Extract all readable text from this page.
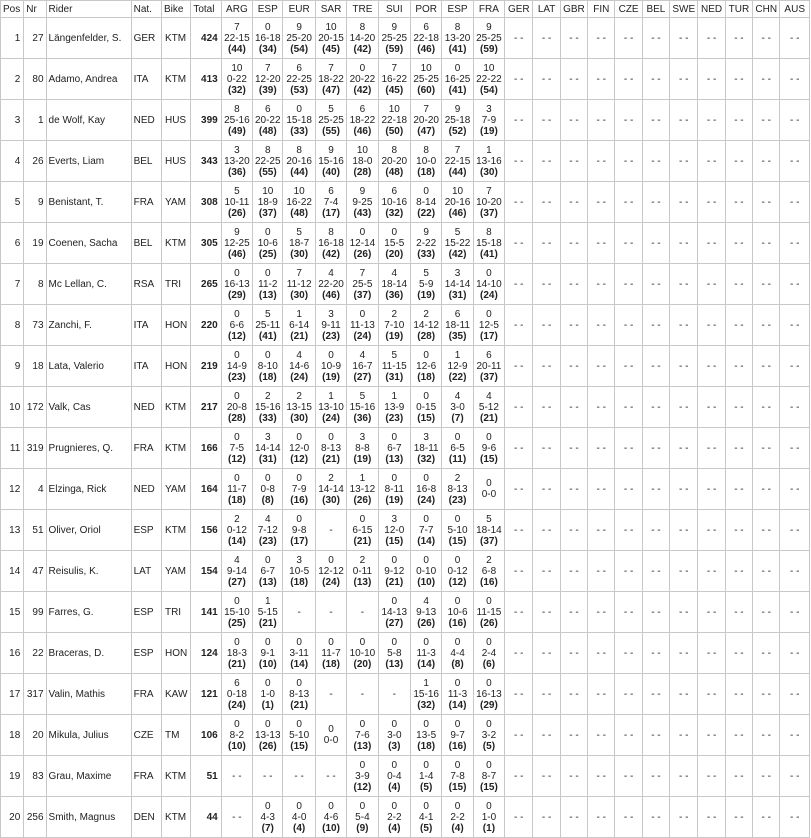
Pos	Nr	Rider	Nat.	Bike	Total	ARG	ESP	EUR	SAR	TRE	SUI	POR	ESP	FRA	GER	LAT	GBR	FIN	CZE	BEL	SWE	NED	TUR	CHN	AUS
1	27	Längenfelder, S.	GER	KTM	424	7
22-15
(44)	0
16-18
(34)	9
25-20
(54)	10
20-15
(45)	8
14-20
(42)	9
25-25
(59)	6
22-18
(46)	8
13-20
(41)	9
25-25
(59)	- -	- -	- -	- -	- -	- -	- -	- -	- -	- -	- -
2	80	Adamo, Andrea	ITA	KTM	413	10
0-22
(32)	7
12-20
(39)	6
22-25
(53)	7
18-22
(47)	0
20-22
(42)	7
16-22
(45)	10
25-25
(60)	0
16-25
(41)	10
22-22
(54)	- -	- -	- -	- -	- -	- -	- -	- -	- -	- -	- -
3	1	de Wolf, Kay	NED	HUS	399	8
25-16
(49)	6
20-22
(48)	0
15-18
(33)	5
25-25
(55)	6
18-22
(46)	10
22-18
(50)	7
20-20
(47)	9
25-18
(52)	3
7-9
(19)	- -	- -	- -	- -	- -	- -	- -	- -	- -	- -	- -
4	26	Everts, Liam	BEL	HUS	343	3
13-20
(36)	8
22-25
(55)	8
20-16
(44)	9
15-16
(40)	10
18-0
(28)	8
20-20
(48)	8
10-0
(18)	7
22-15
(44)	1
13-16
(30)	- -	- -	- -	- -	- -	- -	- -	- -	- -	- -	- -
5	9	Benistant, T.	FRA	YAM	308	5
10-11
(26)	10
18-9
(37)	10
16-22
(48)	6
7-4
(17)	9
9-25
(43)	6
10-16
(32)	0
8-14
(22)	10
20-16
(46)	7
10-20
(37)	- -	- -	- -	- -	- -	- -	- -	- -	- -	- -	- -
6	19	Coenen, Sacha	BEL	KTM	305	9
12-25
(46)	0
10-6
(25)	5
18-7
(30)	8
16-18
(42)	0
12-14
(26)	0
15-5
(20)	9
2-22
(33)	5
15-22
(42)	8
15-18
(41)	- -	- -	- -	- -	- -	- -	- -	- -	- -	- -	- -
7	8	Mc Lellan, C.	RSA	TRI	265	0
16-13
(29)	0
11-2
(13)	7
11-12
(30)	4
22-20
(46)	7
25-5
(37)	4
18-14
(36)	5
5-9
(19)	3
14-14
(31)	0
14-10
(24)	- -	- -	- -	- -	- -	- -	- -	- -	- -	- -	- -
8	73	Zanchi, F.	ITA	HON	220	0
6-6
(12)	5
25-11
(41)	1
6-14
(21)	3
9-11
(23)	0
11-13
(24)	2
7-10
(19)	2
14-12
(28)	6
18-11
(35)	0
12-5
(17)	- -	- -	- -	- -	- -	- -	- -	- -	- -	- -	- -
9	18	Lata, Valerio	ITA	HON	219	0
14-9
(23)	0
8-10
(18)	4
14-6
(24)	0
10-9
(19)	4
16-7
(27)	5
11-15
(31)	0
12-6
(18)	1
12-9
(22)	6
20-11
(37)	- -	- -	- -	- -	- -	- -	- -	- -	- -	- -	- -
10	172	Valk, Cas	NED	KTM	217	0
20-8
(28)	2
15-16
(33)	2
13-15
(30)	1
13-10
(24)	5
15-16
(36)	1
13-9
(23)	0
0-15
(15)	4
3-0
(7)	4
5-12
(21)	- -	- -	- -	- -	- -	- -	- -	- -	- -	- -	- -
11	319	Prugnieres, Q.	FRA	KTM	166	0
7-5
(12)	3
14-14
(31)	0
12-0
(12)	0
8-13
(21)	3
8-8
(19)	0
6-7
(13)	3
18-11
(32)	0
6-5
(11)	0
9-6
(15)	- -	- -	- -	- -	- -	- -	- -	- -	- -	- -	- -
12	4	Elzinga, Rick	NED	YAM	164	0
11-7
(18)	0
0-8
(8)	0
7-9
(16)	2
14-14
(30)	1
13-12
(26)	0
8-11
(19)	0
16-8
(24)	2
8-13
(23)	0
0-0	- -	- -	- -	- -	- -	- -	- -	- -	- -	- -	- -
13	51	Oliver, Oriol	ESP	KTM	156	2
0-12
(14)	4
7-12
(23)	0
9-8
(17)	-	0
6-15
(21)	3
12-0
(15)	0
7-7
(14)	0
5-10
(15)	5
18-14
(37)	- -	- -	- -	- -	- -	- -	- -	- -	- -	- -	- -
14	47	Reisulis, K.	LAT	YAM	154	4
9-14
(27)	0
6-7
(13)	3
10-5
(18)	0
12-12
(24)	2
0-11
(13)	0
9-12
(21)	0
0-10
(10)	0
0-12
(12)	2
6-8
(16)	- -	- -	- -	- -	- -	- -	- -	- -	- -	- -	- -
15	99	Farres, G.	ESP	TRI	141	0
15-10
(25)	1
5-15
(21)	-	-	-	0
14-13
(27)	4
9-13
(26)	0
10-6
(16)	0
11-15
(26)	- -	- -	- -	- -	- -	- -	- -	- -	- -	- -	- -
16	22	Braceras, D.	ESP	HON	124	0
18-3
(21)	0
9-1
(10)	0
3-11
(14)	0
11-7
(18)	0
10-10
(20)	0
5-8
(13)	0
11-3
(14)	0
4-4
(8)	0
2-4
(6)	- -	- -	- -	- -	- -	- -	- -	- -	- -	- -	- -
17	317	Valin, Mathis	FRA	KAW	121	6
0-18
(24)	0
1-0
(1)	0
8-13
(21)	-	-	-	1
15-16
(32)	0
11-3
(14)	0
16-13
(29)	- -	- -	- -	- -	- -	- -	- -	- -	- -	- -	- -
18	20	Mikula, Julius	CZE	TM	106	0
8-2
(10)	0
13-13
(26)	0
5-10
(15)	0
0-0	0
7-6
(13)	0
3-0
(3)	0
13-5
(18)	0
9-7
(16)	0
3-2
(5)	- -	- -	- -	- -	- -	- -	- -	- -	- -	- -	- -
19	83	Grau, Maxime	FRA	KTM	51	- -	- -	- -	- -	0
3-9
(12)	0
0-4
(4)	0
1-4
(5)	0
7-8
(15)	0
8-7
(15)	- -	- -	- -	- -	- -	- -	- -	- -	- -	- -	- -
20	256	Smith, Magnus	DEN	KTM	44	- -	0
4-3
(7)	0
4-0
(4)	0
4-6
(10)	0
5-4
(9)	0
2-2
(4)	0
4-1
(5)	0
2-2
(4)	0
1-0
(1)	- -	- -	- -	- -	- -	- -	- -	- -	- -	- -	- -
